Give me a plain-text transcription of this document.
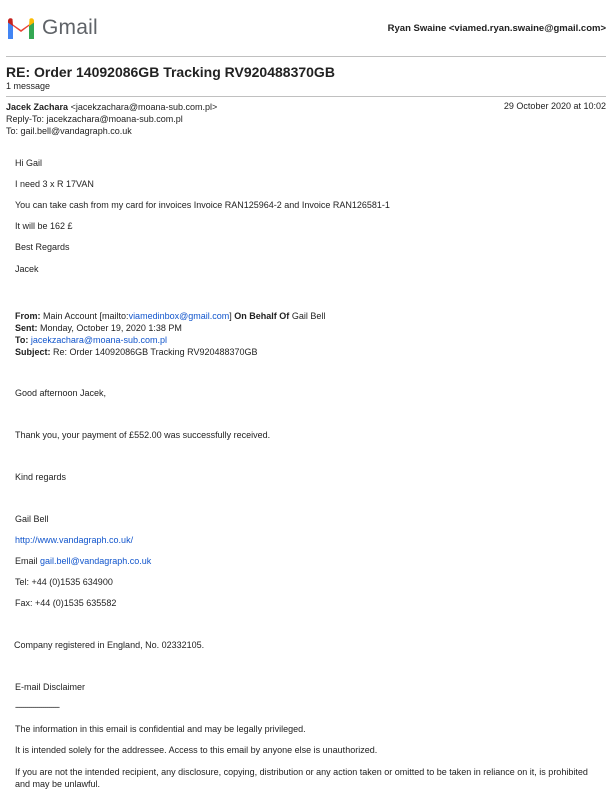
Gmail	Ryan Swaine <viamed.ryan.swaine@gmail.com>
RE: Order 14092086GB Tracking RV920488370GB
1 message
Jacek Zachara <jacekzachara@moana-sub.com.pl>
Reply-To: jacekzachara@moana-sub.com.pl
To: gail.bell@vandagraph.co.uk
29 October 2020 at 10:02
Hi Gail
I need 3 x R 17VAN
You can take cash from my card for invoices Invoice RAN125964-2 and Invoice RAN126581-1
It will be 162 £
Best Regards
Jacek
From: Main Account [mailto:viamedinbox@gmail.com] On Behalf Of Gail Bell
Sent: Monday, October 19, 2020 1:38 PM
To: jacekzachara@moana-sub.com.pl
Subject: Re: Order 14092086GB Tracking RV920488370GB
Good afternoon Jacek,
Thank you, your payment of £552.00 was successfully received.
Kind regards
Gail Bell
http://www.vandagraph.co.uk/
Email gail.bell@vandagraph.co.uk
Tel: +44 (0)1535 634900
Fax: +44 (0)1535 635582
Company registered in England, No. 02332105.
E-mail Disclaimer
----------------------
The information in this email is confidential and may be legally privileged.
It is intended solely for the addressee. Access to this email by anyone else is unauthorized.
If you are not the intended recipient, any disclosure, copying, distribution or any action taken or omitted to be taken in reliance on it, is prohibited and may be unlawful.
